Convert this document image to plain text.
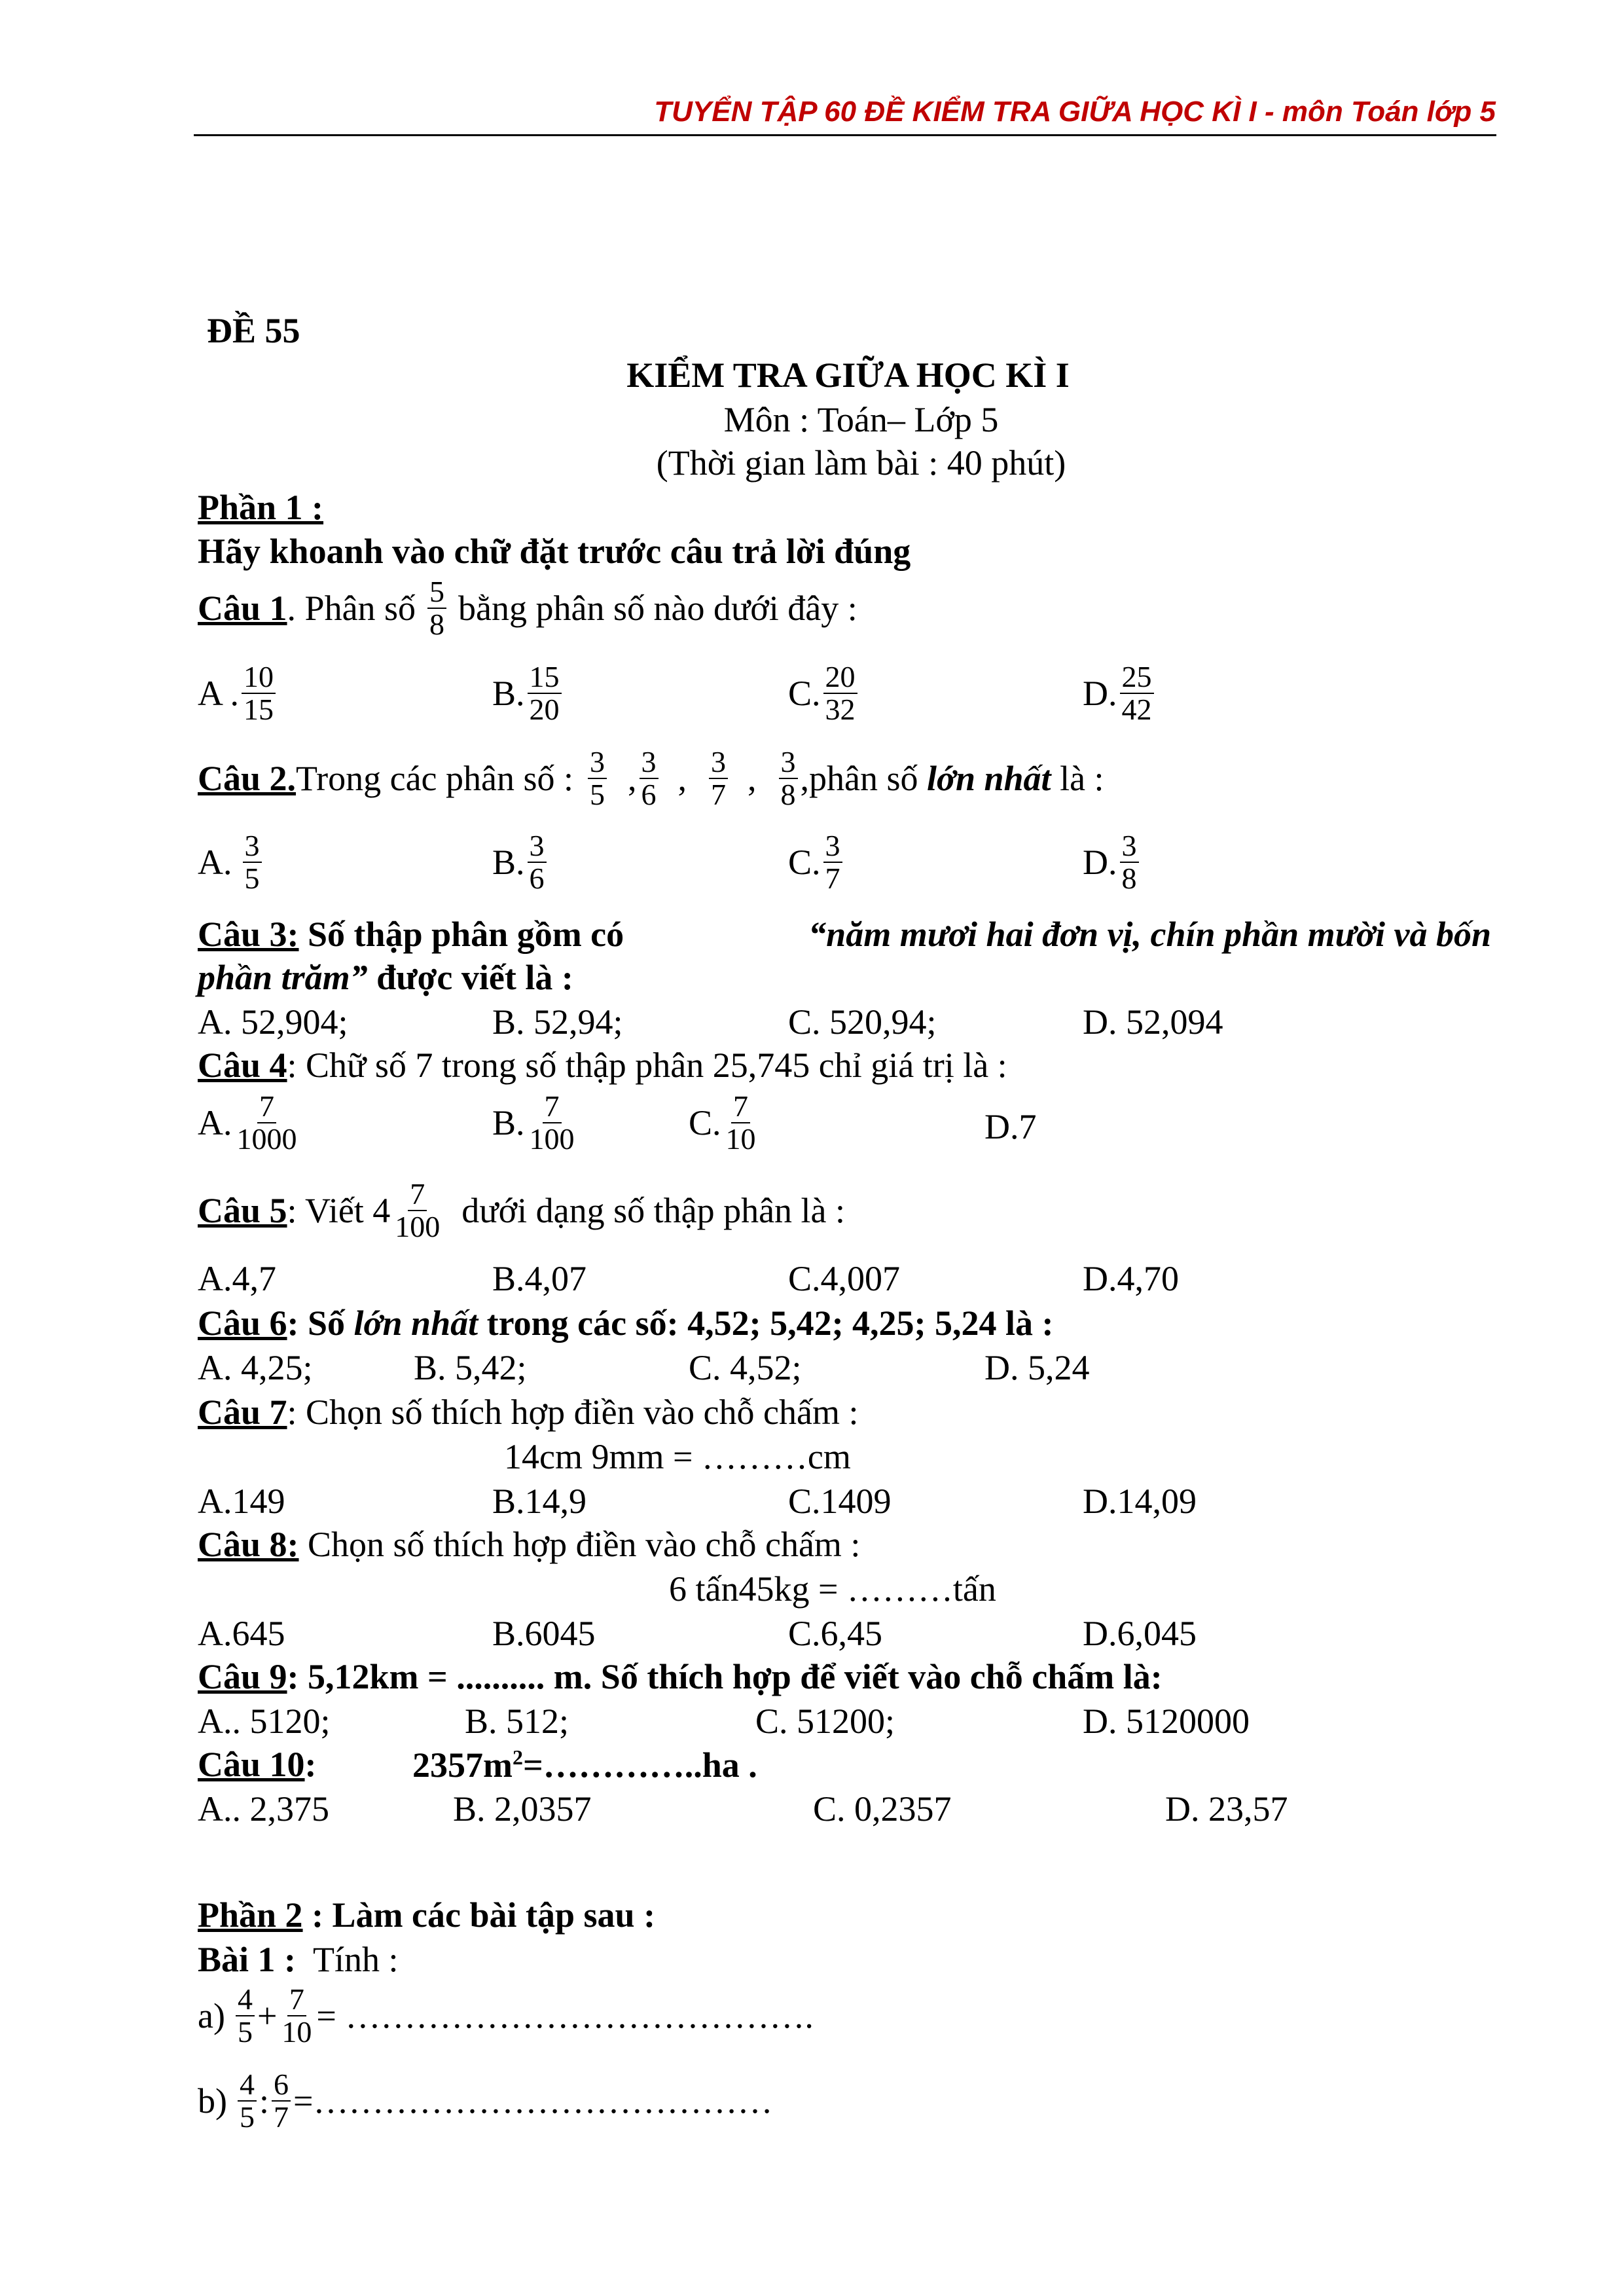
TUYỂN TẬP 60 ĐỀ KIỂM TRA GIỮA HỌC KÌ I - môn Toán lớp 5
ĐỀ 55
KIỂM TRA GIỮA HỌC KÌ I
Môn : Toán– Lớp 5
(Thời gian làm bài : 40 phút)
Phần 1 :
Hãy khoanh vào chữ đặt trước câu trả lời đúng
Câu 1 . Phân số $\frac{5}{8}$ bằng phân số nào dưới đây :
A . $\frac{10}{15}$	B. $\frac{15}{20}$	C. $\frac{20}{32}$	D. $\frac{25}{42}$
Câu 2. Trong các phân số : $\frac{3}{5}$ , $\frac{3}{6}$ , $\frac{3}{7}$ , $\frac{3}{8}$ ,phân số
lớn nhất
là :
A. $\frac{3}{5}$	B. $\frac{3}{6}$	C. $\frac{3}{7}$	D. $\frac{3}{8}$
Câu 3: Số thập phân gồm có	“năm mươi hai đơn vị, chín phần mười và bốn
phần trăm” được viết là :
A. 52,904;	B. 52,94;	C. 520,94;	D. 52,094
Câu 4: Chữ số 7 trong số thập phân 25,745 chỉ giá trị là :
A. $\frac{7}{1000}$	B. $\frac{7}{100}$	C. $\frac{7}{10}$	D.7
Câu 5 : Viết $4 \frac{7}{100}$ dưới dạng số thập phân là :
A.4,7	B.4,07	C.4,007	D.4,70
Câu 6: Số lớn nhất trong các số: 4,52; 5,42; 4,25; 5,24 là :
A. 4,25;	B. 5,42;	C. 4,52;	D. 5,24
Câu 7: Chọn số thích hợp điền vào chỗ chấm :
14cm 9mm = ………cm
A.149	B.14,9	C.1409	D.14,09
Câu 8: Chọn số thích hợp điền vào chỗ chấm :
6 tấn45kg = ………tấn
A.645	B.6045	C.6,45	D.6,045
Câu 9: 5,12km = .......... m. Số thích hợp để viết vào chỗ chấm là:
A.. 5120;	B. 512;	C. 51200;	D. 5120000
Câu 10:	$2357m^2=\dots\dots\dots\dots..ha$ .
A.. 2,375	B. 2,0357	C. 0,2357	D. 23,57
Phần 2 : Làm các bài tập sau :
Bài 1 : Tính :
$a) \frac{4}{5} + \frac{7}{10}$ = ………………………………….
$b) \frac{4}{5}$ : $\frac{6}{7}$ =…………………………………
